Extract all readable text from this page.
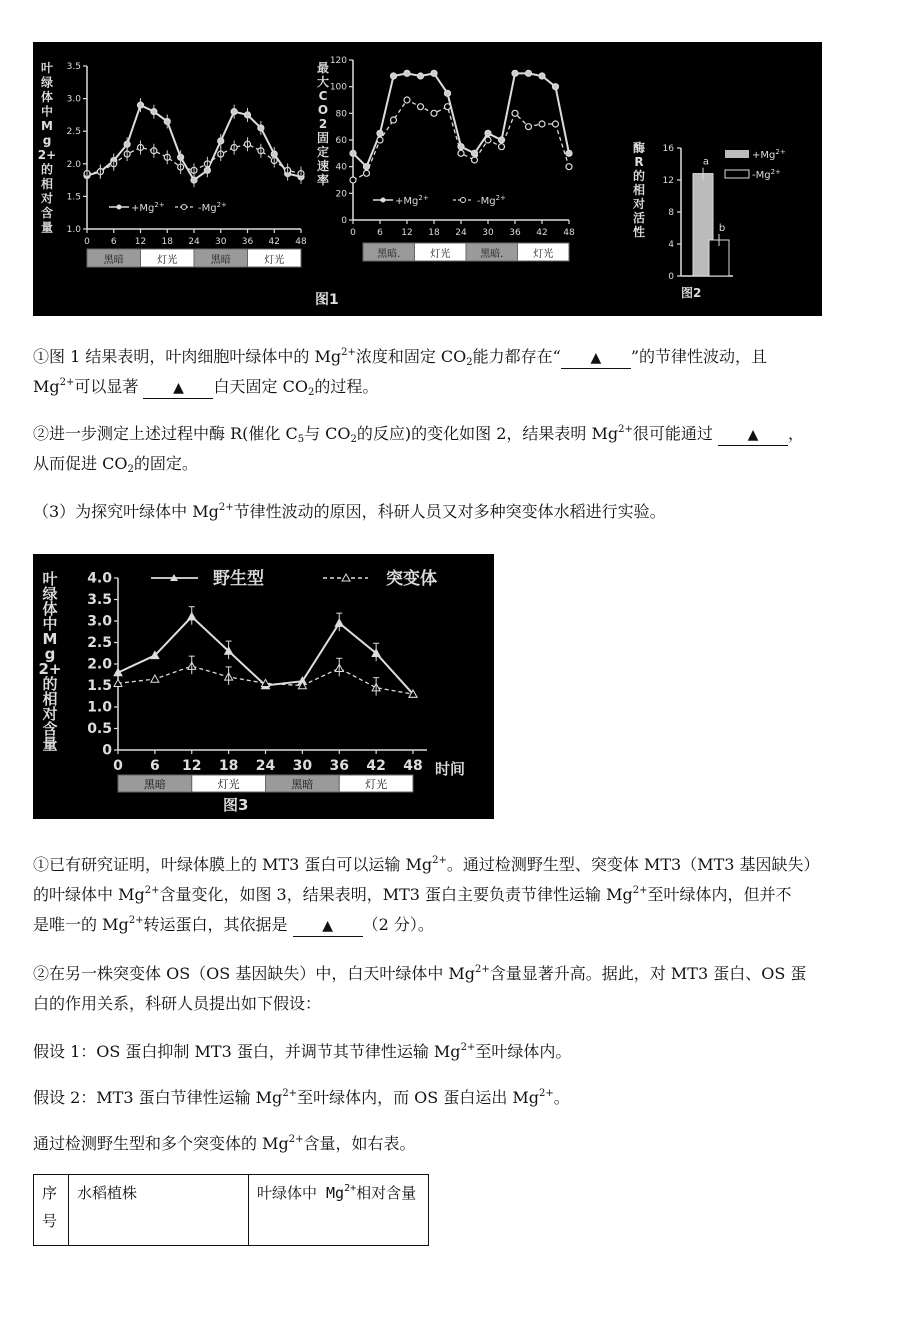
1.0
1.5
2.0
2.5
3.0
3.5
0 6 12 18 24 30 36 42 48
叶
绿
体
中
M
g
2+
的
相
对
含
量
$+Mg^{2+}$	$-Mg^{2+}$
0
20
40
60
80
100
120
0 6 12 18 24 30 36 42 48
最
大
C
O
2
固
定
速
率
$+Mg^{2+}$	$-Mg^{2+}$
黑暗	灯光	黑暗	灯光
黑暗.	灯光	黑暗.	灯光
图1
0
4
8
12
16
a
b
酶
R
的
相
对
活
性
$+Mg^{2+}$
$-Mg^{2+}$
图2
①图 1 结果表明，叶肉细胞叶绿体中的 $Mg^{2+}$浓度和固定 $CO_2$能力都存在“ ▲ ”的节律性波动，且
$Mg^{2+}$可以显著 ▲ 白天固定 $CO_2$的过程。
②进一步测定上述过程中酶 R(催化 $C_5$与 $CO_2$的反应)的变化如图 2，结果表明 $Mg^{2+}$很可能通过 ▲ ，
从而促进 $CO_2$的固定。
（3）为探究叶绿体中 $Mg^{2+}$节律性波动的原因，科研人员又对多种突变体水稻进行实验。
0
0.5
1.0
1.5
2.0
2.5
3.0
3.5
4.0
0 6 12 18 24 30 36 42 48
叶
绿
体
中
M
g
2+
的
相
对
含
量
野生型	突变体
时间
黑暗	灯光	黑暗	灯光
图3
①已有研究证明，叶绿体膜上的 MT3 蛋白可以运输 $Mg^{2+}$。通过检测野生型、突变体 MT3（MT3 基因缺失）
的叶绿体中 $Mg^{2+}$含量变化，如图 3，结果表明，MT3 蛋白主要负责节律性运输 $Mg^{2+}$至叶绿体内，但并不
是唯一的 $Mg^{2+}$转运蛋白，其依据是 ▲ （2 分）。
②在另一株突变体 OS（OS 基因缺失）中，白天叶绿体中 $Mg^{2+}$含量显著升高。据此，对 MT3 蛋白、OS 蛋
白的作用关系，科研人员提出如下假设：
假设 1：OS 蛋白抑制 MT3 蛋白，并调节其节律性运输 $Mg^{2+}$至叶绿体内。
假设 2：MT3 蛋白节律性运输 $Mg^{2+}$至叶绿体内，而 OS 蛋白运出 $Mg^{2+}$。
通过检测野生型和多个突变体的 $Mg^{2+}$含量，如右表。
序号	水稻植株	叶绿体中 $Mg^{2+}$相对含量
